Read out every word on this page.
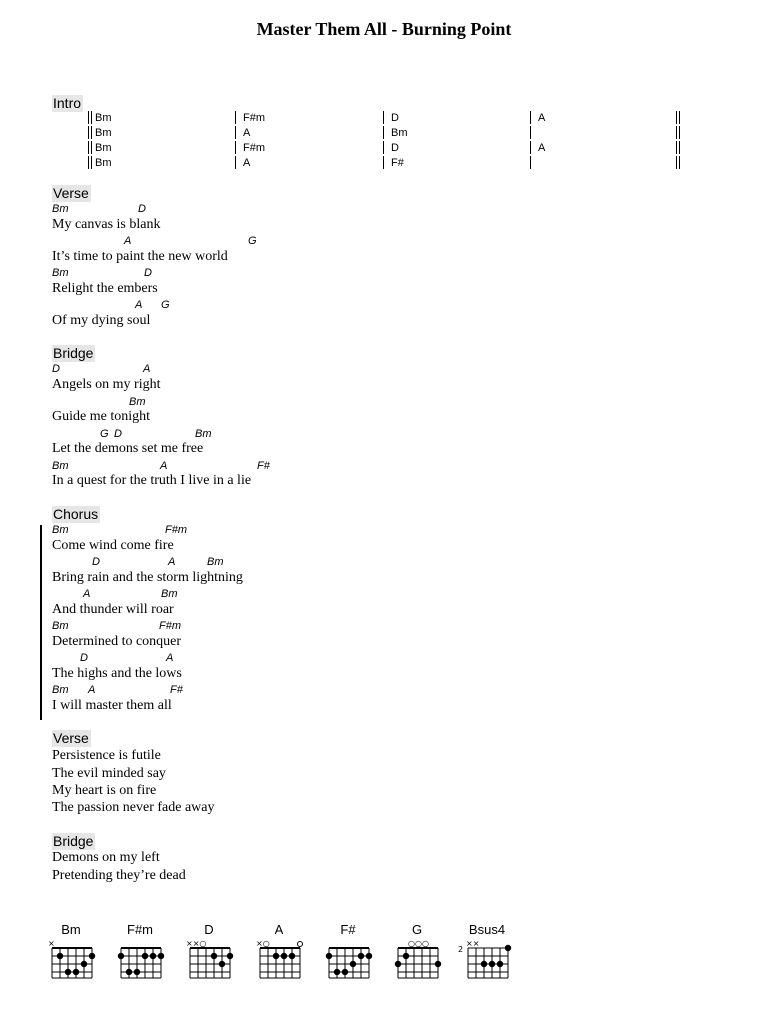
Master Them All - Burning Point
Intro
Bm	F#m	D	A
Bm	A	Bm
Bm	F#m	D	A
Bm	A	F#
Verse
Bm	D
My canvas is blank
A	G
It’s time to paint the new world
Bm	D
Relight the embers
A G
Of my dying soul
Bridge
D	A
Angels on my right
Bm
Guide me tonight
G D	Bm
Let the demons set me free
Bm	A	F#
In a quest for the truth I live in a lie
Chorus
Bm	F#m
Come wind come fire
D	A	Bm
Bring rain and the storm lightning
A	Bm
And thunder will roar
Bm	F#m
Determined to conquer
D	A
The highs and the lows
Bm A	F#
I will master them all
Verse
Persistence is futile
The evil minded say
My heart is on fire
The passion never fade away
Bridge
Demons on my left
Pretending they’re dead
Bm
×
F#m	D
××○
A
×○
F#	G
○○○
Bsus4
2
××
